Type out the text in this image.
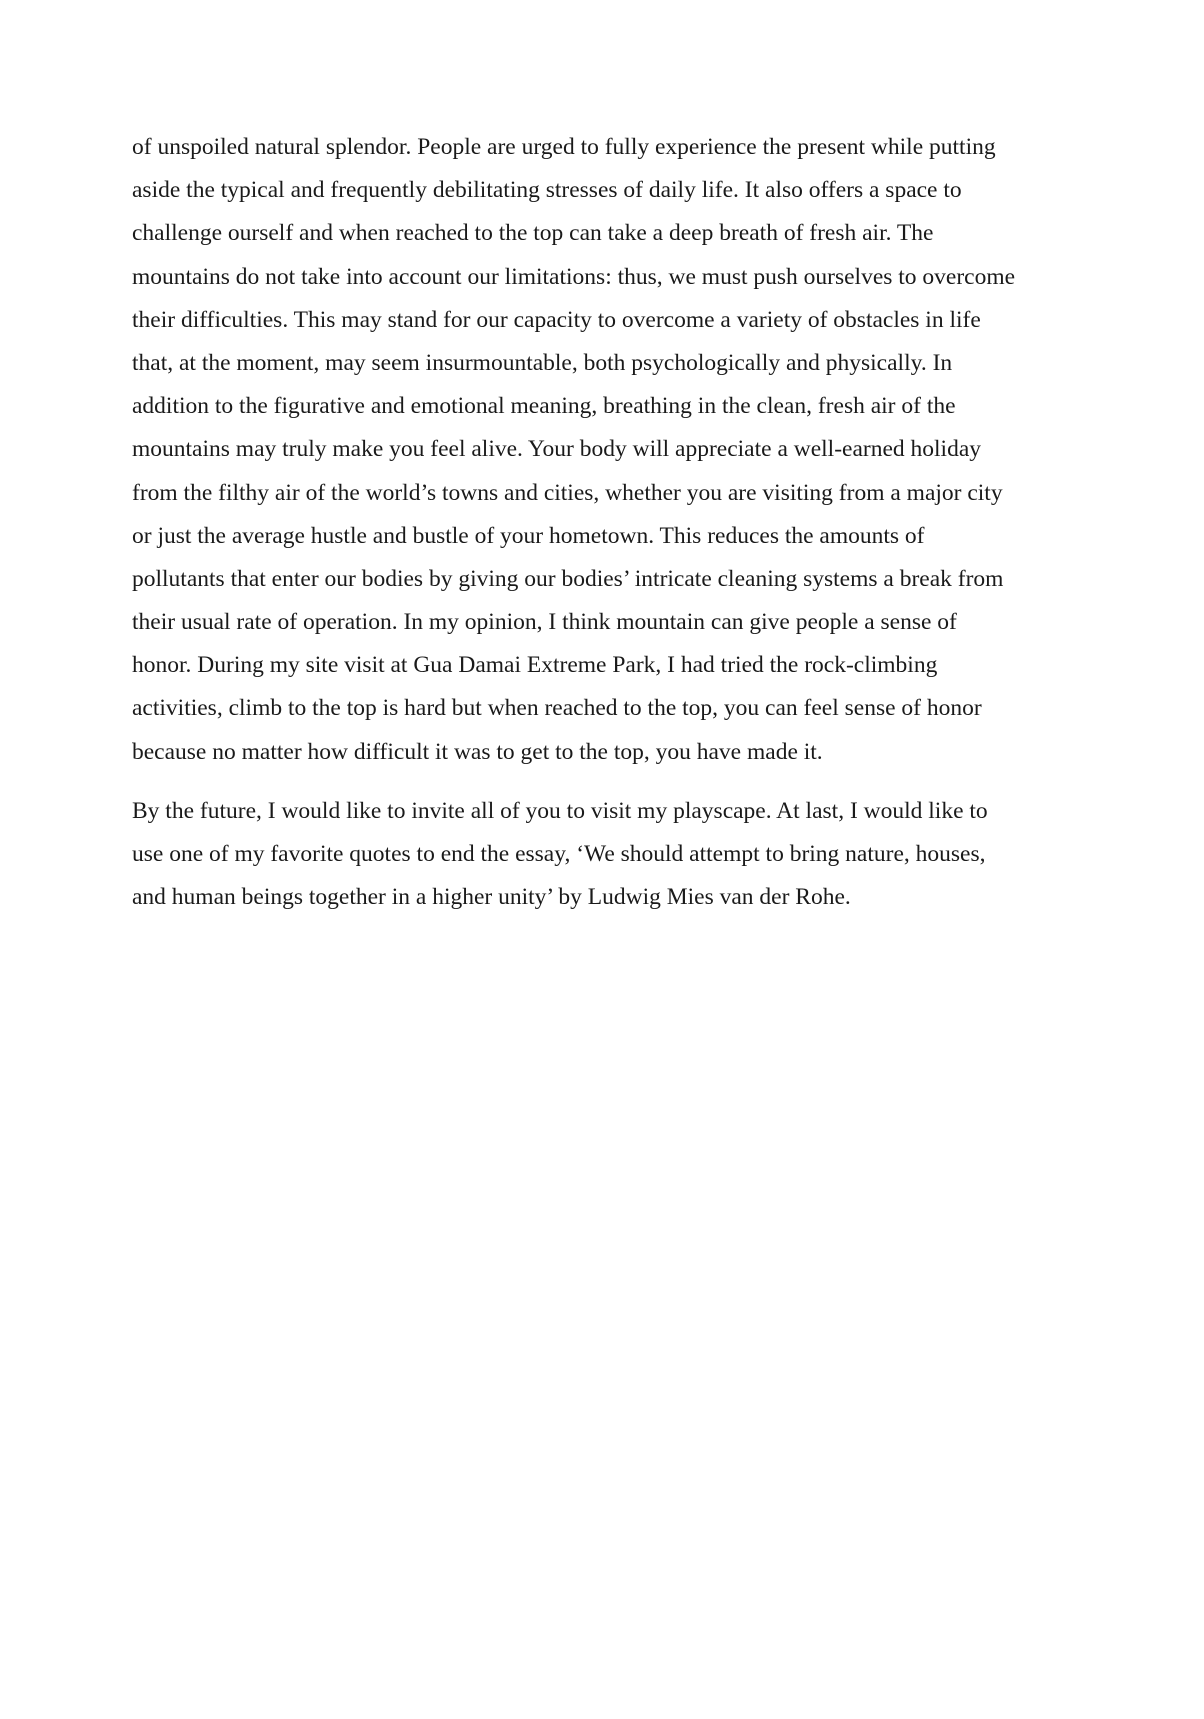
of unspoiled natural splendor. People are urged to fully experience the present while putting
aside the typical and frequently debilitating stresses of daily life. It also offers a space to
challenge ourself and when reached to the top can take a deep breath of fresh air. The
mountains do not take into account our limitations: thus, we must push ourselves to overcome
their difficulties. This may stand for our capacity to overcome a variety of obstacles in life
that, at the moment, may seem insurmountable, both psychologically and physically. In
addition to the figurative and emotional meaning, breathing in the clean, fresh air of the
mountains may truly make you feel alive. Your body will appreciate a well-earned holiday
from the filthy air of the world’s towns and cities, whether you are visiting from a major city
or just the average hustle and bustle of your hometown. This reduces the amounts of
pollutants that enter our bodies by giving our bodies’ intricate cleaning systems a break from
their usual rate of operation. In my opinion, I think mountain can give people a sense of
honor. During my site visit at Gua Damai Extreme Park, I had tried the rock-climbing
activities, climb to the top is hard but when reached to the top, you can feel sense of honor
because no matter how difficult it was to get to the top, you have made it.

By the future, I would like to invite all of you to visit my playscape. At last, I would like to
use one of my favorite quotes to end the essay, ‘We should attempt to bring nature, houses,
and human beings together in a higher unity’ by Ludwig Mies van der Rohe.
